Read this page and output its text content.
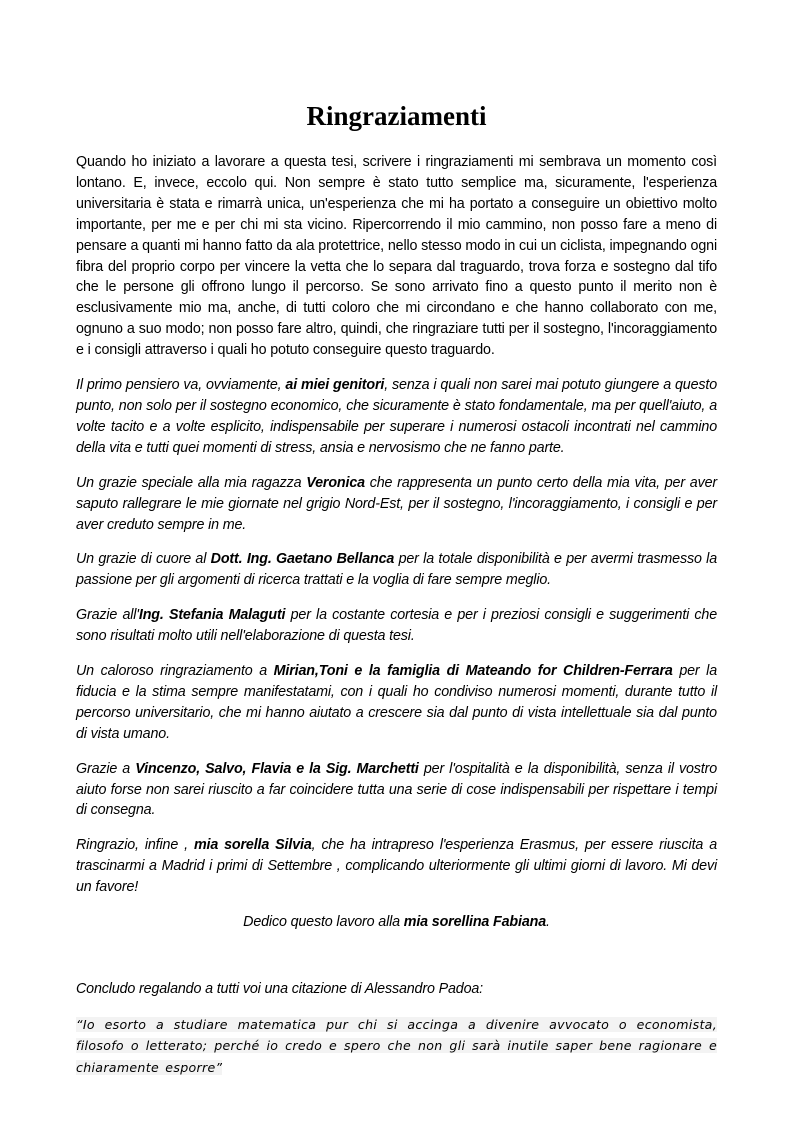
Ringraziamenti

Quando ho iniziato a lavorare a questa tesi, scrivere i ringraziamenti mi sembrava un momento così lontano. E, invece, eccolo qui. Non sempre è stato tutto semplice ma, sicuramente, l'esperienza universitaria è stata e rimarrà unica, un'esperienza che mi ha portato a conseguire un obiettivo molto importante, per me e per chi mi sta vicino. Ripercorrendo il mio cammino, non posso fare a meno di pensare a quanti mi hanno fatto da ala protettrice, nello stesso modo in cui un ciclista, impegnando ogni fibra del proprio corpo per vincere la vetta che lo separa dal traguardo, trova forza e sostegno dal tifo che le persone gli offrono lungo il percorso. Se sono arrivato fino a questo punto il merito non è esclusivamente mio ma, anche, di tutti coloro che mi circondano e che hanno collaborato con me, ognuno a suo modo; non posso fare altro, quindi, che ringraziare tutti per il sostegno, l'incoraggiamento e i consigli attraverso i quali ho potuto conseguire questo traguardo.

Il primo pensiero va, ovviamente, ai miei genitori, senza i quali non sarei mai potuto giungere a questo punto, non solo per il sostegno economico, che sicuramente è stato fondamentale, ma per quell'aiuto, a volte tacito e a volte esplicito, indispensabile per superare i numerosi ostacoli incontrati nel cammino della vita e tutti quei momenti di stress, ansia e nervosismo che ne fanno parte.

Un grazie speciale alla mia ragazza Veronica che rappresenta un punto certo della mia vita, per aver saputo rallegrare le mie giornate nel grigio Nord-Est, per il sostegno, l'incoraggiamento, i consigli e per aver creduto sempre in me.

Un grazie di cuore al Dott. Ing. Gaetano Bellanca per la totale disponibilità e per avermi trasmesso la passione per gli argomenti di ricerca trattati e la voglia di fare sempre meglio.

Grazie all'Ing. Stefania Malaguti per la costante cortesia e per i preziosi consigli e suggerimenti che sono risultati molto utili nell'elaborazione di questa tesi.

Un caloroso ringraziamento a Mirian,Toni e la famiglia di Mateando for Children-Ferrara per la fiducia e la stima sempre manifestatami, con i quali ho condiviso numerosi momenti, durante tutto il percorso universitario, che mi hanno aiutato a crescere sia dal punto di vista intellettuale sia dal punto di vista umano.

Grazie a Vincenzo, Salvo, Flavia e la Sig. Marchetti per l'ospitalità e la disponibilità, senza il vostro aiuto forse non sarei riuscito a far coincidere tutta una serie di cose indispensabili per rispettare i tempi di consegna.

Ringrazio, infine , mia sorella Silvia, che ha intrapreso l'esperienza Erasmus, per essere riuscita a trascinarmi a Madrid i primi di Settembre , complicando ulteriormente gli ultimi giorni di lavoro. Mi devi un favore!

Dedico questo lavoro alla mia sorellina Fabiana.

Concludo regalando a tutti voi una citazione di Alessandro Padoa:

“Io esorto a studiare matematica pur chi si accinga a divenire avvocato o economista, filosofo o letterato; perché io credo e spero che non gli sarà inutile saper bene ragionare e chiaramente esporre”
